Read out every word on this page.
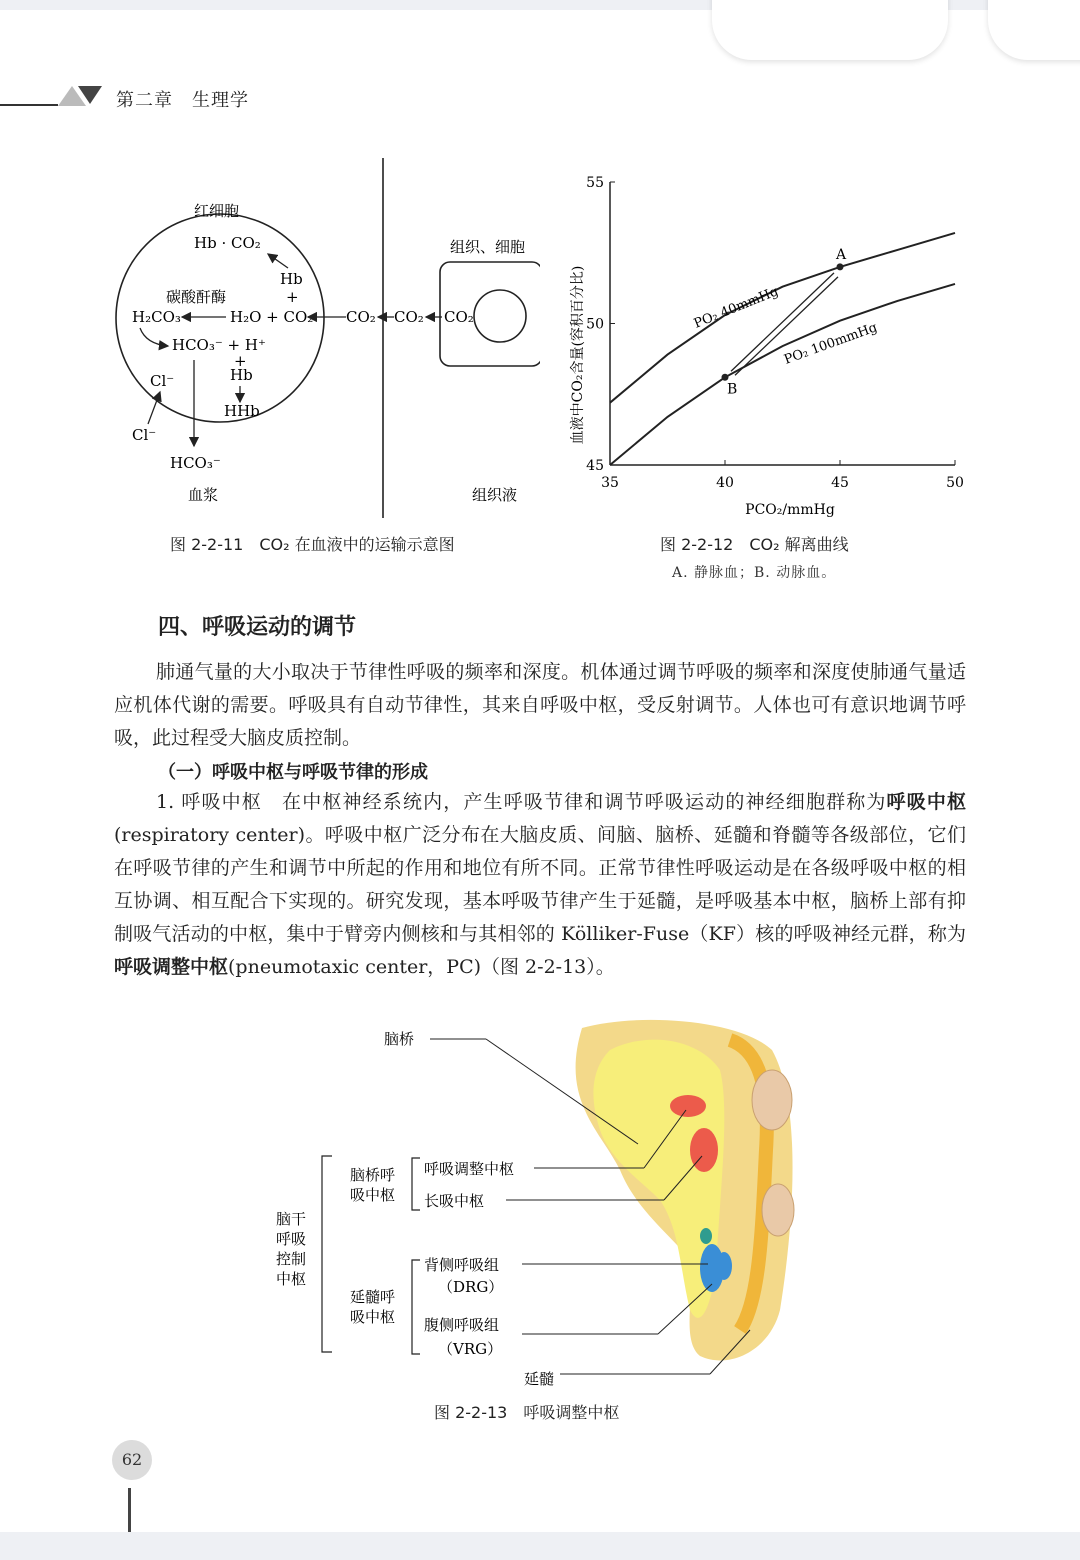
第二章　生理学
红细胞
Hb · CO₂
Hb
+
碳酸酐酶
H₂CO₃	H₂O + CO₂
HCO₃⁻ + H⁺
+
Hb
HHb
Cl⁻
Cl⁻
HCO₃⁻
血浆
CO₂ CO₂
组织、细胞
CO₂
组织液
图 2-2-11　CO₂ 在血液中的运输示意图
35	40	45	50
45
50
55
A
B
血液中CO₂含量(容积百分比)
PCO₂/mmHg
PO₂ 40mmHg
PO₂ 100mmHg
图 2-2-12　CO₂ 解离曲线
A. 静脉血；B. 动脉血。
四、呼吸运动的调节
肺通气量的大小取决于节律性呼吸的频率和深度。机体通过调节呼吸的频率和深度使肺通气量适应机体代谢的需要。呼吸具有自动节律性，其来自呼吸中枢，受反射调节。人体也可有意识地调节呼吸，此过程受大脑皮质控制。
（一）呼吸中枢与呼吸节律的形成
1. 呼吸中枢　在中枢神经系统内，产生呼吸节律和调节呼吸运动的神经细胞群称为呼吸中枢(respiratory center)。呼吸中枢广泛分布在大脑皮质、间脑、脑桥、延髓和脊髓等各级部位，它们在呼吸节律的产生和调节中所起的作用和地位有所不同。正常节律性呼吸运动是在各级呼吸中枢的相互协调、相互配合下实现的。研究发现，基本呼吸节律产生于延髓，是呼吸基本中枢，脑桥上部有抑制吸气活动的中枢，集中于臂旁内侧核和与其相邻的 Kölliker-Fuse（KF）核的呼吸神经元群，称为呼吸调整中枢(pneumotaxic center，PC)（图 2-2-13）。
脑桥
脑干
呼吸
控制
中枢
脑桥呼
吸中枢
延髓呼
吸中枢
呼吸调整中枢
长吸中枢
背侧呼吸组
（DRG）
腹侧呼吸组
（VRG）
延髓
图 2-2-13　呼吸调整中枢
62
